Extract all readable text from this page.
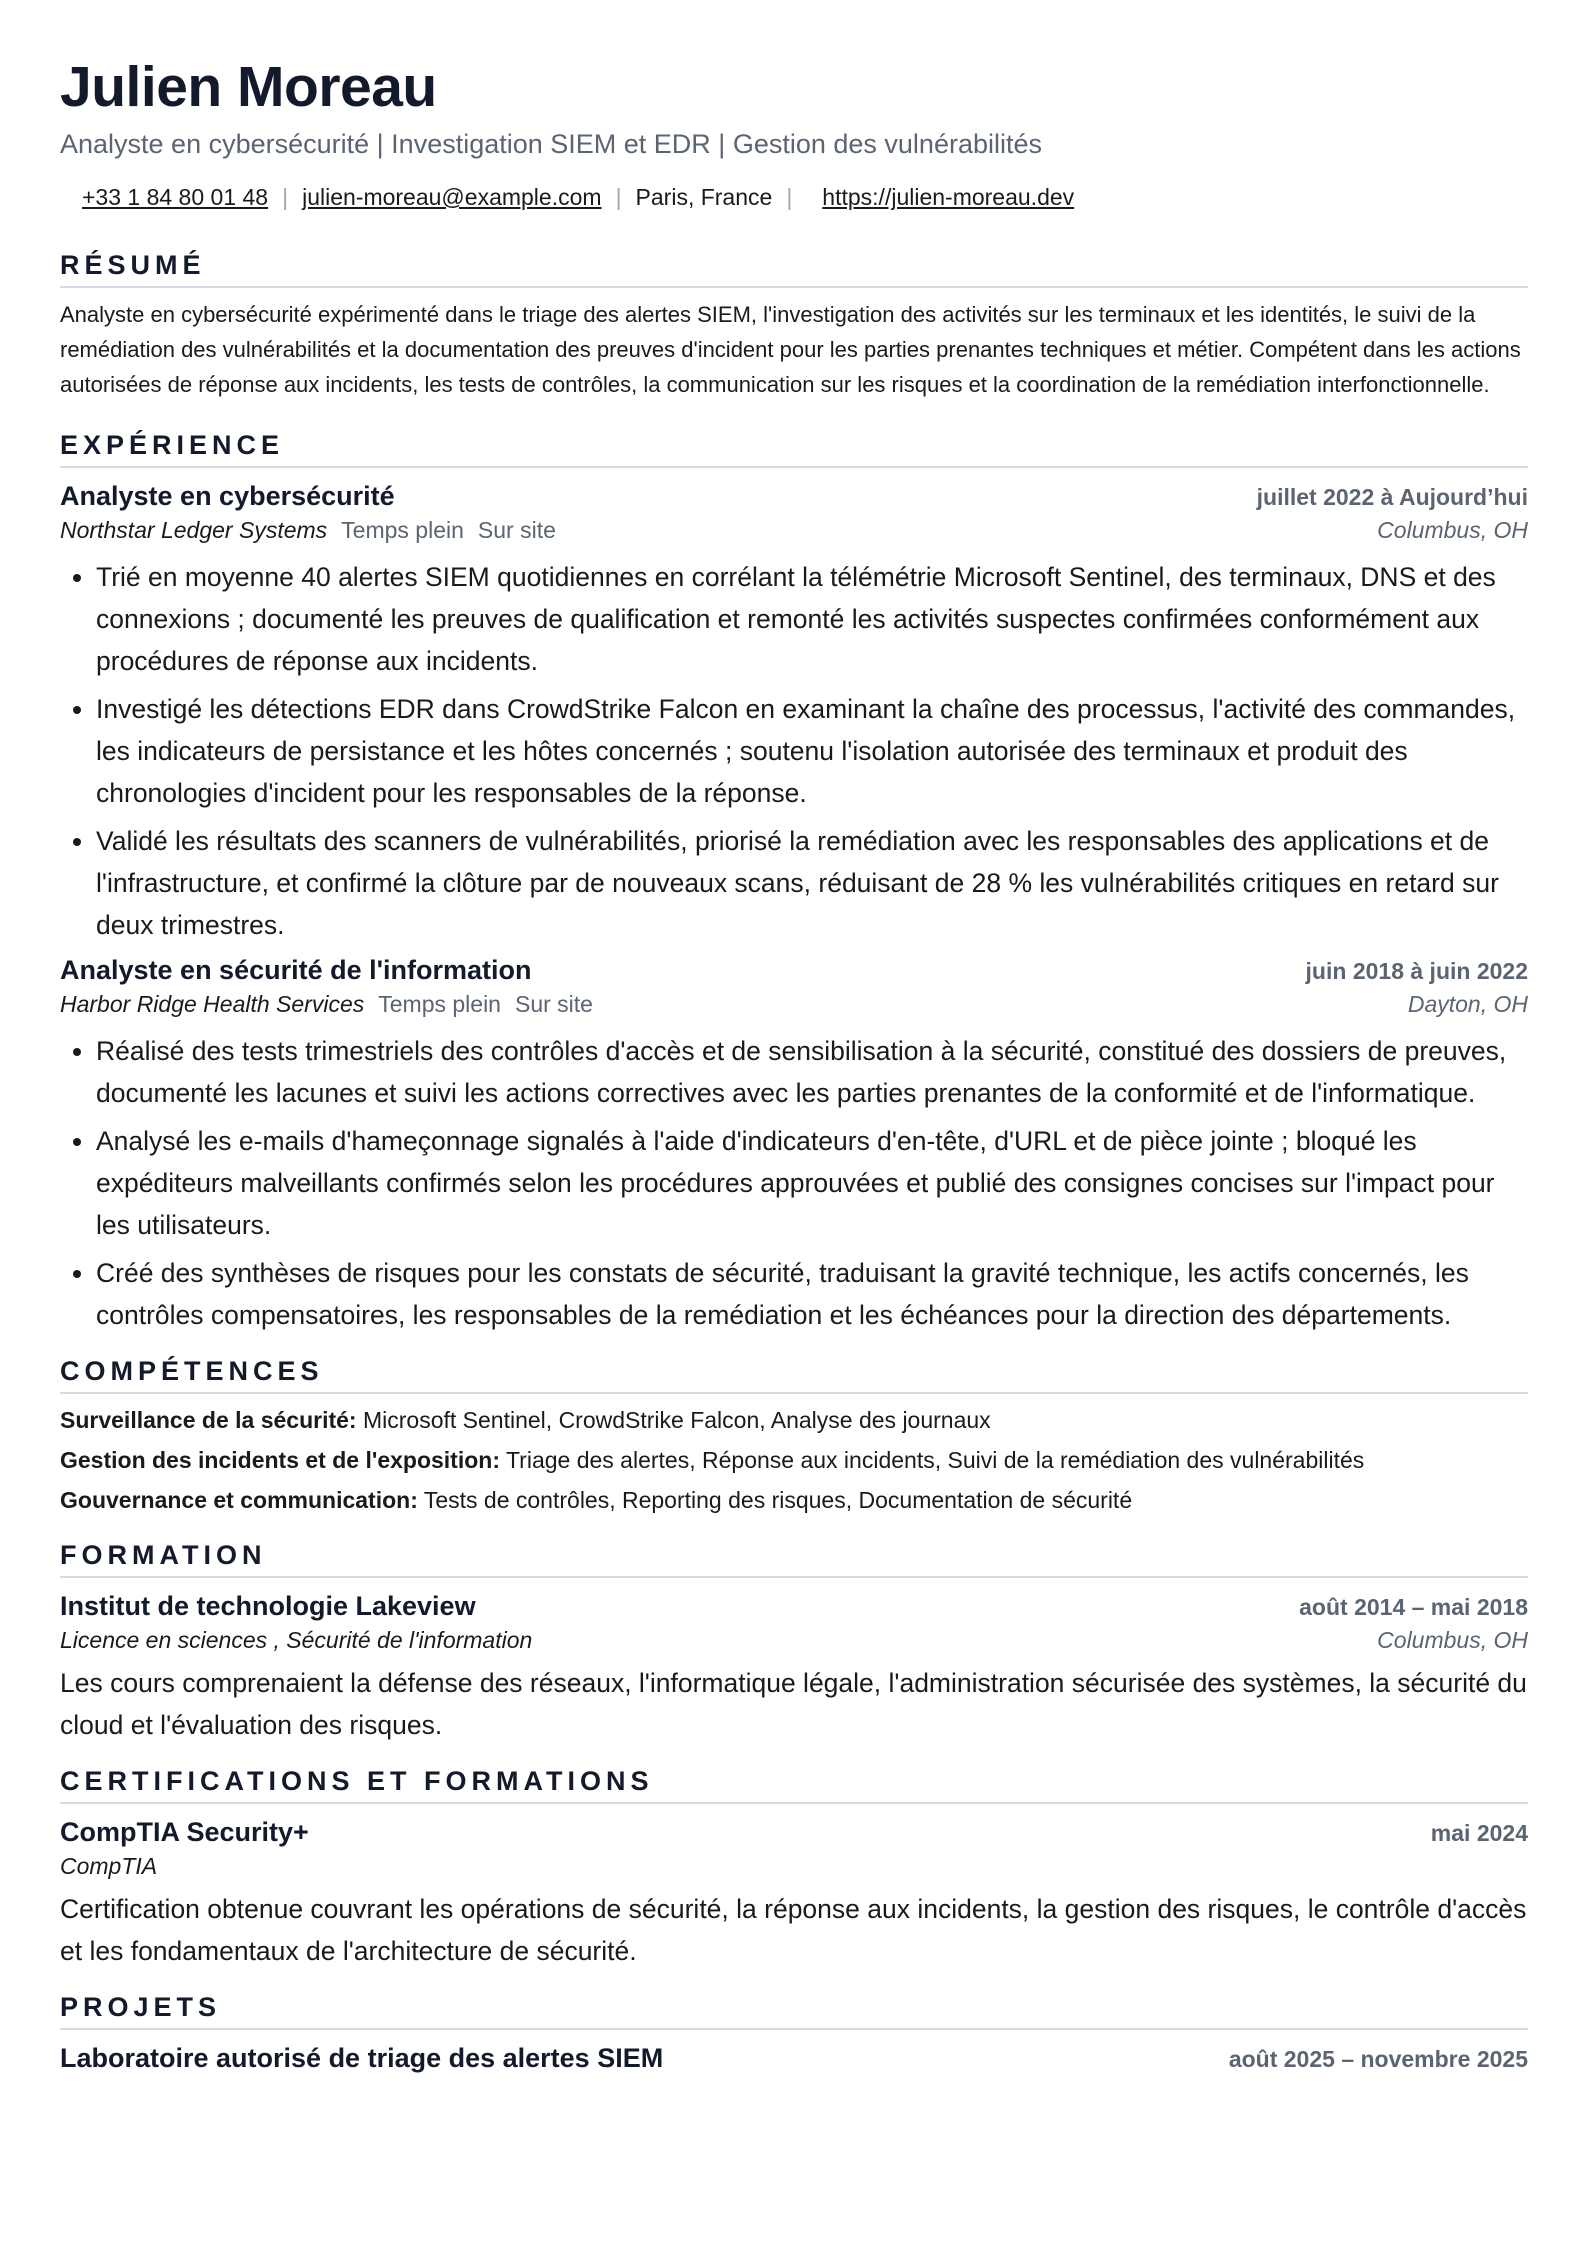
Julien Moreau
Analyste en cybersécurité | Investigation SIEM et EDR | Gestion des vulnérabilités
+33 1 84 80 01 48 | julien-moreau@example.com | Paris, France | https://julien-moreau.dev
RÉSUMÉ
Analyste en cybersécurité expérimenté dans le triage des alertes SIEM, l'investigation des activités sur les terminaux et les identités, le suivi de la remédiation des vulnérabilités et la documentation des preuves d'incident pour les parties prenantes techniques et métier. Compétent dans les actions autorisées de réponse aux incidents, les tests de contrôles, la communication sur les risques et la coordination de la remédiation interfonctionnelle.
EXPÉRIENCE
Analyste en cybersécurité	juillet 2022 à Aujourd’hui
Northstar Ledger Systems Temps plein Sur site	Columbus, OH
• Trié en moyenne 40 alertes SIEM quotidiennes en corrélant la télémétrie Microsoft Sentinel, des terminaux, DNS et des connexions ; documenté les preuves de qualification et remonté les activités suspectes confirmées conformément aux procédures de réponse aux incidents.
• Investigé les détections EDR dans CrowdStrike Falcon en examinant la chaîne des processus, l'activité des commandes, les indicateurs de persistance et les hôtes concernés ; soutenu l'isolation autorisée des terminaux et produit des chronologies d'incident pour les responsables de la réponse.
• Validé les résultats des scanners de vulnérabilités, priorisé la remédiation avec les responsables des applications et de l'infrastructure, et confirmé la clôture par de nouveaux scans, réduisant de 28 % les vulnérabilités critiques en retard sur deux trimestres.
Analyste en sécurité de l'information	juin 2018 à juin 2022
Harbor Ridge Health Services Temps plein Sur site	Dayton, OH
• Réalisé des tests trimestriels des contrôles d'accès et de sensibilisation à la sécurité, constitué des dossiers de preuves, documenté les lacunes et suivi les actions correctives avec les parties prenantes de la conformité et de l'informatique.
• Analysé les e-mails d'hameçonnage signalés à l'aide d'indicateurs d'en-tête, d'URL et de pièce jointe ; bloqué les expéditeurs malveillants confirmés selon les procédures approuvées et publié des consignes concises sur l'impact pour les utilisateurs.
• Créé des synthèses de risques pour les constats de sécurité, traduisant la gravité technique, les actifs concernés, les contrôles compensatoires, les responsables de la remédiation et les échéances pour la direction des départements.
COMPÉTENCES
Surveillance de la sécurité: Microsoft Sentinel, CrowdStrike Falcon, Analyse des journaux
Gestion des incidents et de l'exposition: Triage des alertes, Réponse aux incidents, Suivi de la remédiation des vulnérabilités
Gouvernance et communication: Tests de contrôles, Reporting des risques, Documentation de sécurité
FORMATION
Institut de technologie Lakeview	août 2014 – mai 2018
Licence en sciences , Sécurité de l'information	Columbus, OH
Les cours comprenaient la défense des réseaux, l'informatique légale, l'administration sécurisée des systèmes, la sécurité du cloud et l'évaluation des risques.
CERTIFICATIONS ET FORMATIONS
CompTIA Security+	mai 2024
CompTIA
Certification obtenue couvrant les opérations de sécurité, la réponse aux incidents, la gestion des risques, le contrôle d'accès et les fondamentaux de l'architecture de sécurité.
PROJETS
Laboratoire autorisé de triage des alertes SIEM	août 2025 – novembre 2025
